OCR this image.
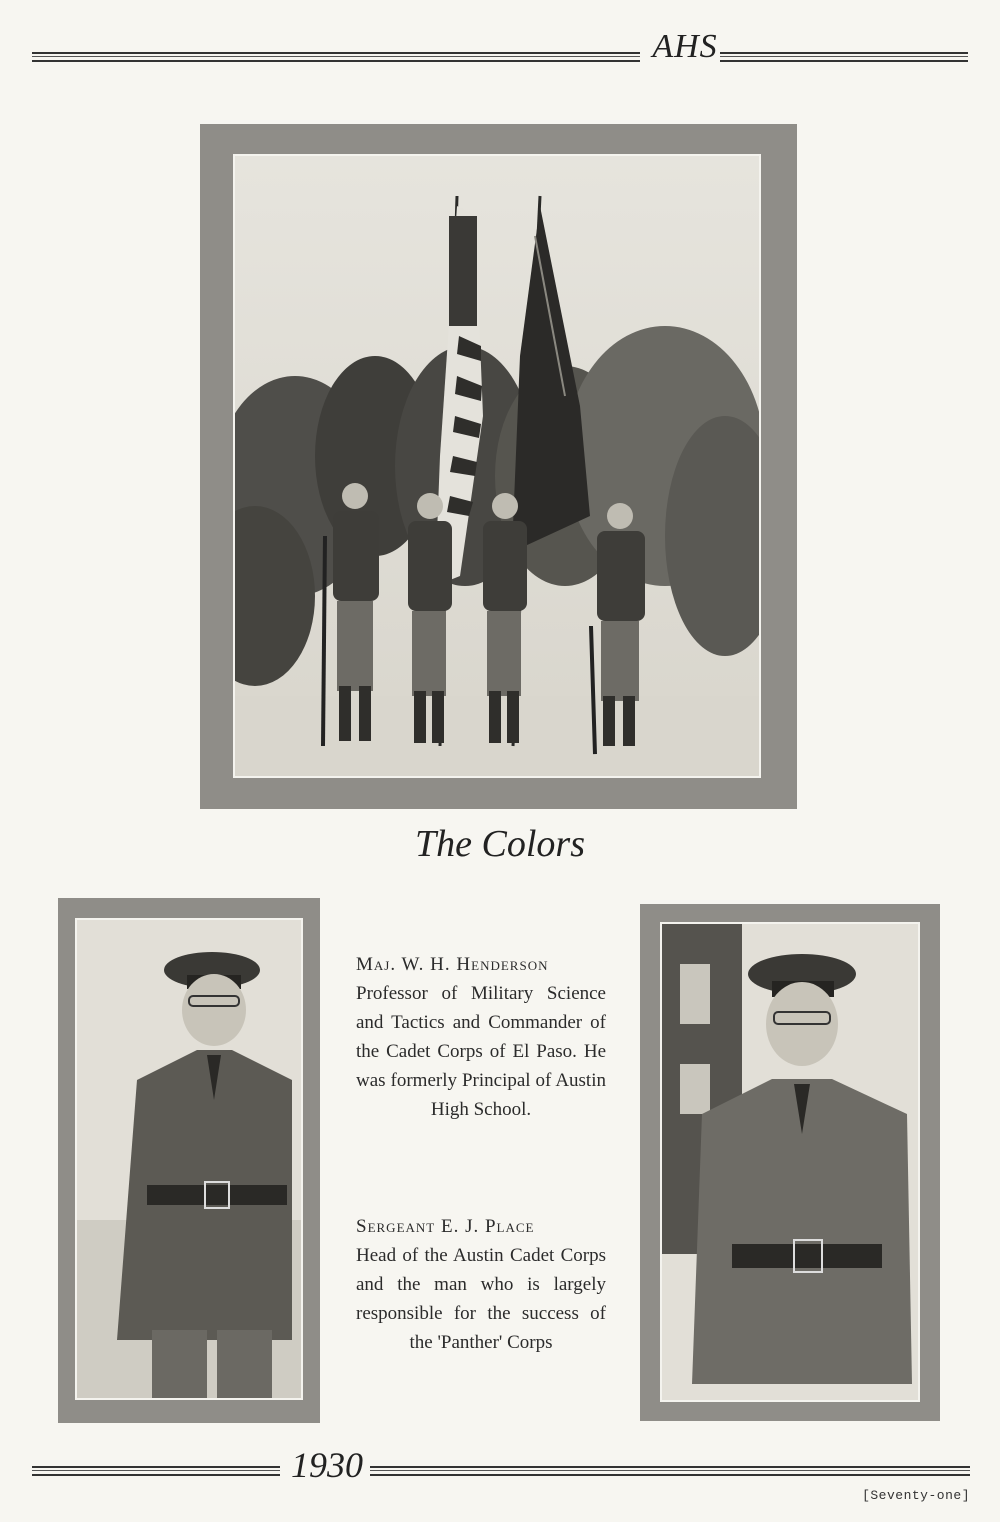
AHS
The Colors
Maj. W. H. Henderson
Professor of Military Science and Tactics and Commander of the Cadet Corps of El Paso. He was formerly Principal of Austin High School.
Sergeant E. J. Place
Head of the Austin Cadet Corps and the man who is largely responsible for the success of the 'Panther' Corps
1930
[Seventy-one]
